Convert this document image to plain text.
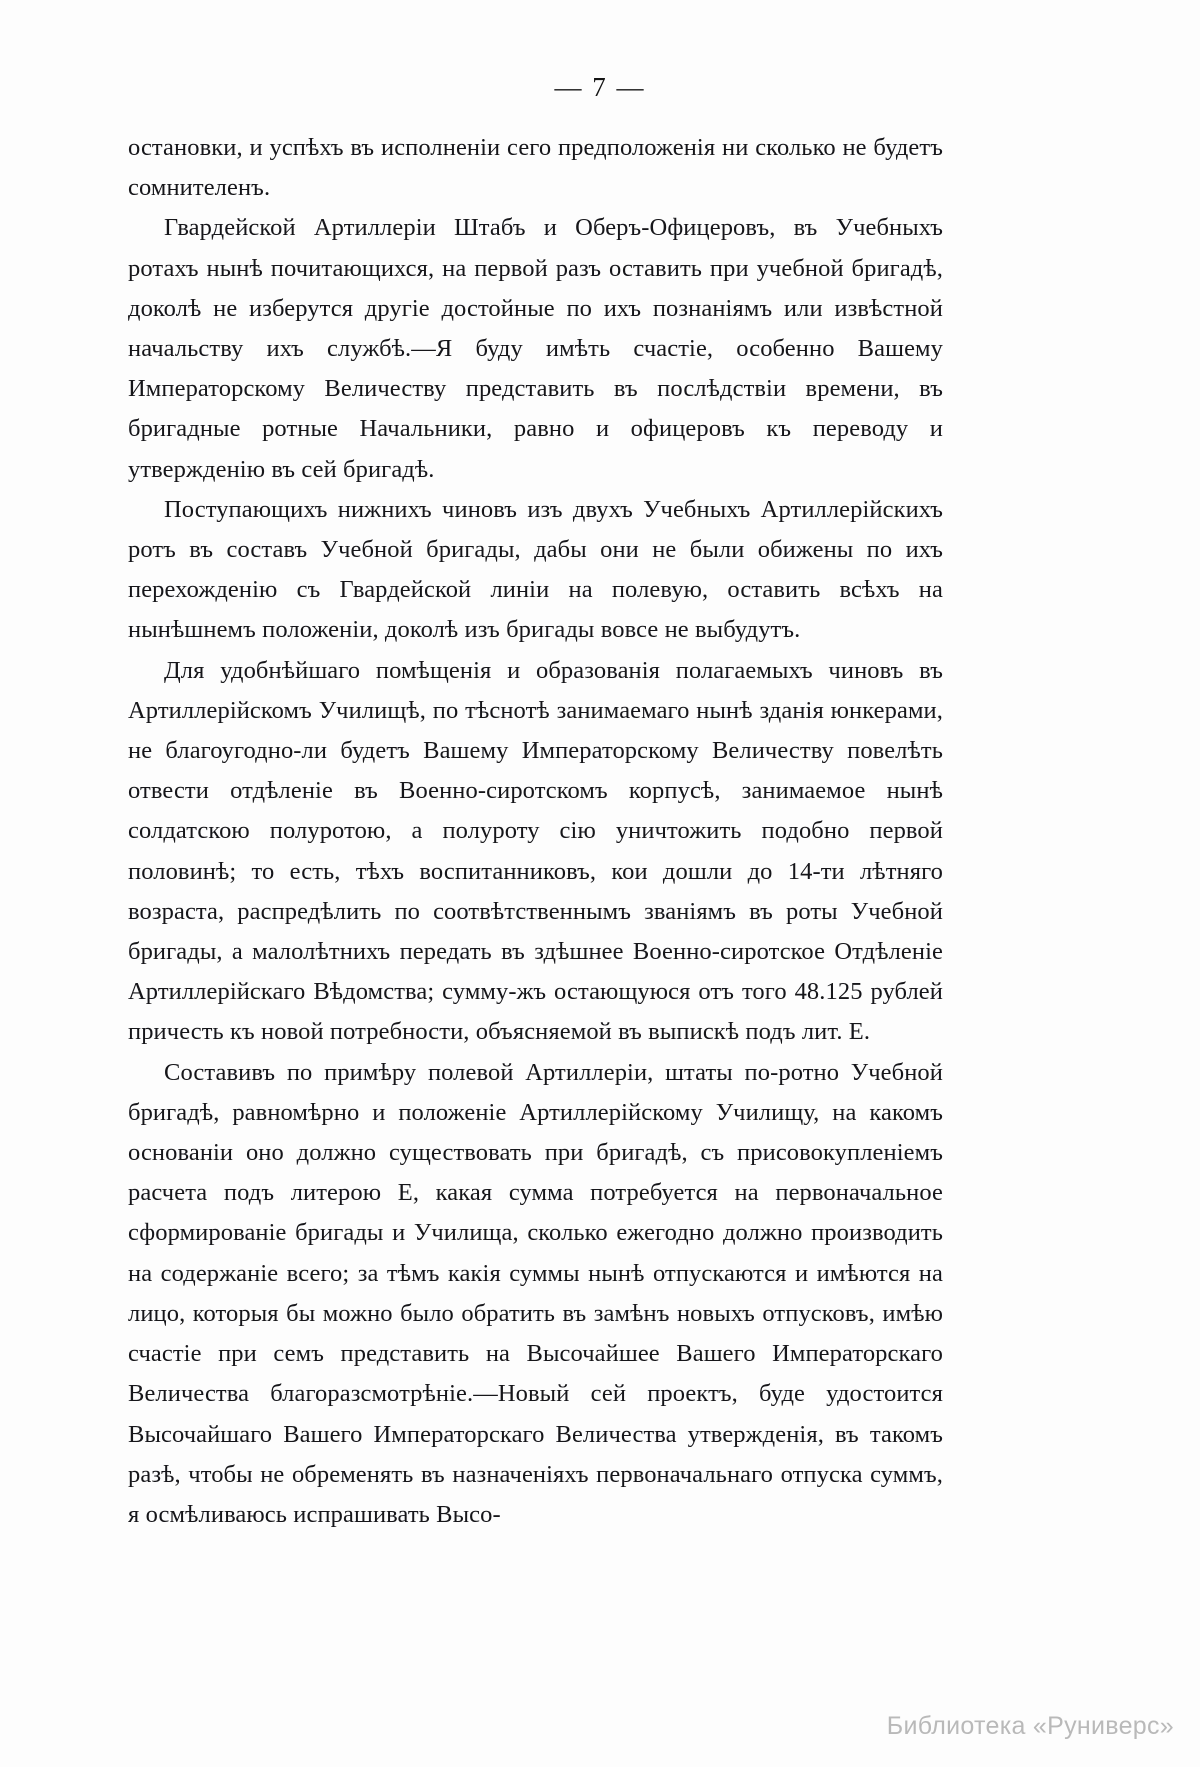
— 7 —

остановки, и успѣхъ въ исполненіи сего предположенія ни сколько не будетъ сомнителенъ.

Гвардейской Артиллеріи Штабъ и Оберъ-Офицеровъ, въ Учебныхъ ротахъ нынѣ почитающихся, на первой разъ оставить при учебной бригадѣ, доколѣ не изберутся другіе достойные по ихъ познаніямъ или извѣстной начальству ихъ службѣ.—Я буду имѣть счастіе, особенно Вашему Императорскому Величеству представить въ послѣдствіи времени, въ бригадные ротные Начальники, равно и офицеровъ къ переводу и утвержденію въ сей бригадѣ.

Поступающихъ нижнихъ чиновъ изъ двухъ Учебныхъ Артиллерійскихъ ротъ въ составъ Учебной бригады, дабы они не были обижены по ихъ перехожденію съ Гвардейской линіи на полевую, оставить всѣхъ на нынѣшнемъ положеніи, доколѣ изъ бригады вовсе не выбудутъ.

Для удобнѣйшаго помѣщенія и образованія полагаемыхъ чиновъ въ Артиллерійскомъ Училищѣ, по тѣснотѣ занимаемаго нынѣ зданія юнкерами, не благоугодно-ли будетъ Вашему Императорскому Величеству повелѣть отвести отдѣленіе въ Военно-сиротскомъ корпусѣ, занимаемое нынѣ солдатскою полуротою, а полуроту сію уничтожить подобно первой половинѣ; то есть, тѣхъ воспитанниковъ, кои дошли до 14-ти лѣтняго возраста, распредѣлить по соотвѣтственнымъ званіямъ въ роты Учебной бригады, а малолѣтнихъ передать въ здѣшнее Военно-сиротское Отдѣленіе Артиллерійскаго Вѣдомства; сумму-жъ остающуюся отъ того 48.125 рублей причесть къ новой потребности, объясняемой въ выпискѣ подъ лит. Е.

Составивъ по примѣру полевой Артиллеріи, штаты по-ротно Учебной бригадѣ, равномѣрно и положеніе Артиллерійскому Училищу, на какомъ основаніи оно должно существовать при бригадѣ, съ присовокупленіемъ расчета подъ литерою Е, какая сумма потребуется на первоначальное сформированіе бригады и Училища, сколько ежегодно должно производить на содержаніе всего; за тѣмъ какія суммы нынѣ отпускаются и имѣются на лицо, которыя бы можно было обратить въ замѣнъ новыхъ отпусковъ, имѣю счастіе при семъ представить на Высочайшее Вашего Императорскаго Величества благоразсмотрѣніе.—Новый сей проектъ, буде удостоится Высочайшаго Вашего Императорскаго Величества утвержденія, въ такомъ разѣ, чтобы не обременять въ назначеніяхъ первоначальнаго отпуска суммъ, я осмѣливаюсь испрашивать Высо-

Библиотека «Руниверс»
